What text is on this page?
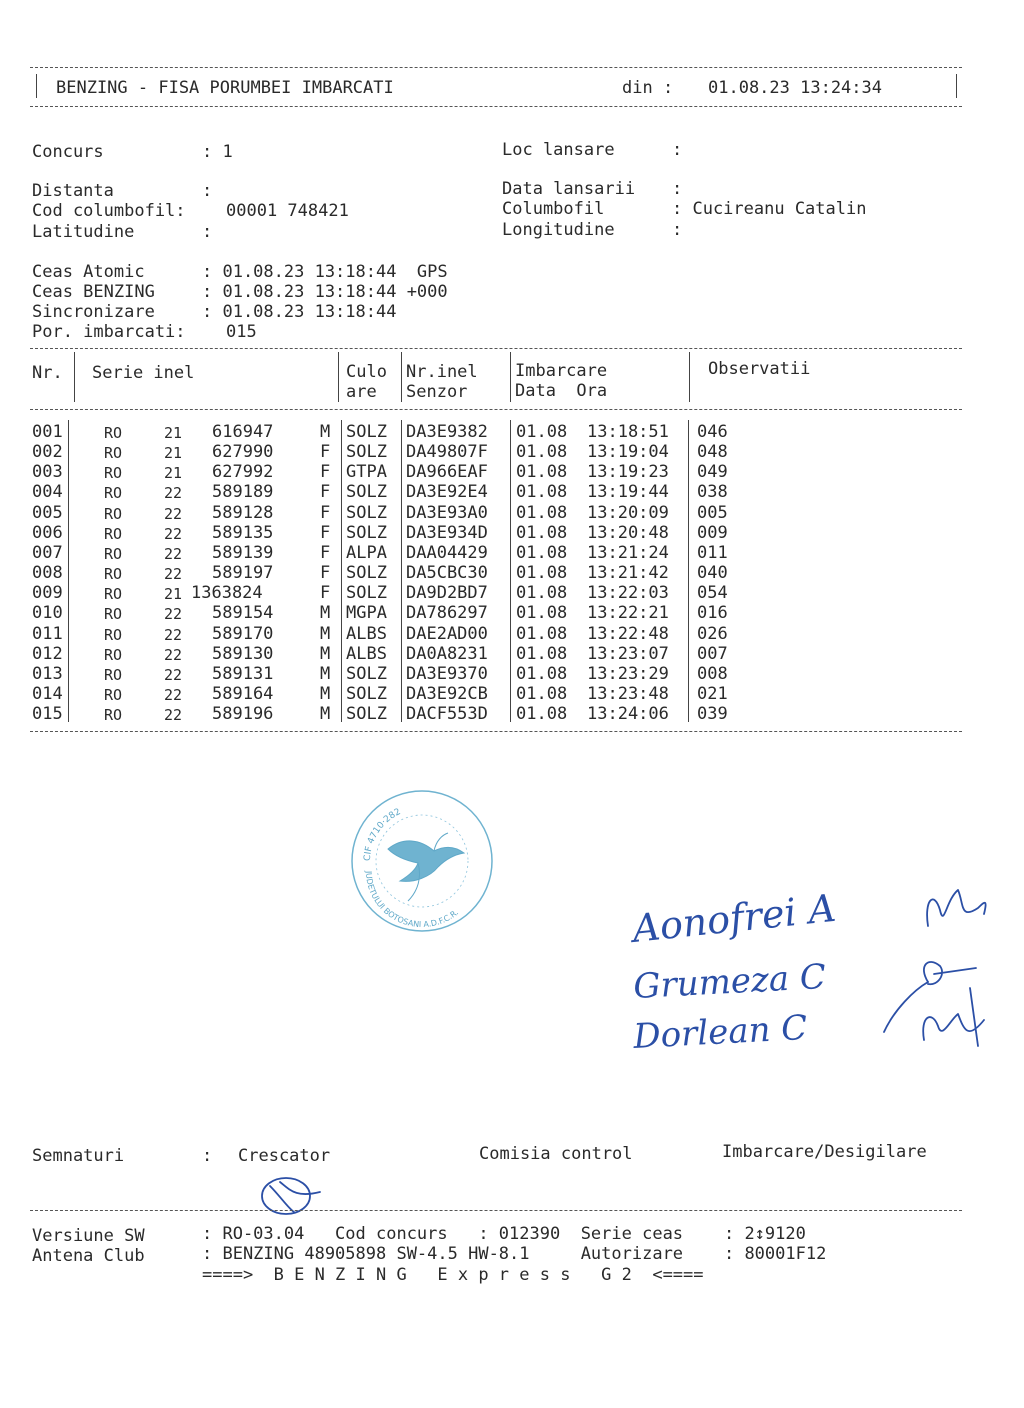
BENZING - FISA PORUMBEI IMBARCATI	din : 01.08.23 13:24:34
Concurs	: 1	Loc lansare	:
Distanta	:	Data lansarii :
Cod columbofil: 00001 748421	Columbofil	: Cucireanu Catalin
Latitudine	:	Longitudine	:
Ceas Atomic	: 01.08.23 13:18:44  GPS
Ceas BENZING	: 01.08.23 13:18:44 +000
Sincronizare	: 01.08.23 13:18:44
Por. imbarcati: 015
Nr. Serie inel	Culo
are
Nr.inel
Senzor
Imbarcare
Data  Ora
Observatii
001	RO	21 616947	M SOLZ DA3E9382 01.08 13:18:51 046
002	RO	21 627990	F SOLZ DA49807F 01.08 13:19:04 048
003	RO	21 627992	F GTPA DA966EAF 01.08 13:19:23 049
004	RO	22 589189	F SOLZ DA3E92E4 01.08 13:19:44 038
005	RO	22 589128	F SOLZ DA3E93A0 01.08 13:20:09 005
006	RO	22 589135	F SOLZ DA3E934D 01.08 13:20:48 009
007	RO	22 589139	F ALPA DAA04429 01.08 13:21:24 011
008	RO	22 589197	F SOLZ DA5CBC30 01.08 13:21:42 040
009	RO	21 1363824	F SOLZ DA9D2BD7 01.08 13:22:03 054
010	RO	22 589154	M MGPA DA786297 01.08 13:22:21 016
011	RO	22 589170	M ALBS DAE2AD00 01.08 13:22:48 026
012	RO	22 589130	M ALBS DA0A8231 01.08 13:23:07 007
013	RO	22 589131	M SOLZ DA3E9370 01.08 13:23:29 008
014	RO	22 589164	M SOLZ DA3E92CB 01.08 13:23:48 021
015	RO	22 589196	M SOLZ DACF553D 01.08 13:24:06 039
CIF 4710·282
JUDETULUI BOTOSANI A.D.F.C.R.	Aonofrei A
Grumeza C
Dorlean C
Semnaturi	: Crescator	Comisia control	Imbarcare/Desigilare
Versiune SW	: RO-03.04   Cod concurs   : 012390  Serie ceas    : 2↕9120
Antena Club	: BENZING 48905898 SW-4.5 HW-8.1     Autorizare    : 80001F12
====>  B E N Z I N G   E x p r e s s   G 2  <====
